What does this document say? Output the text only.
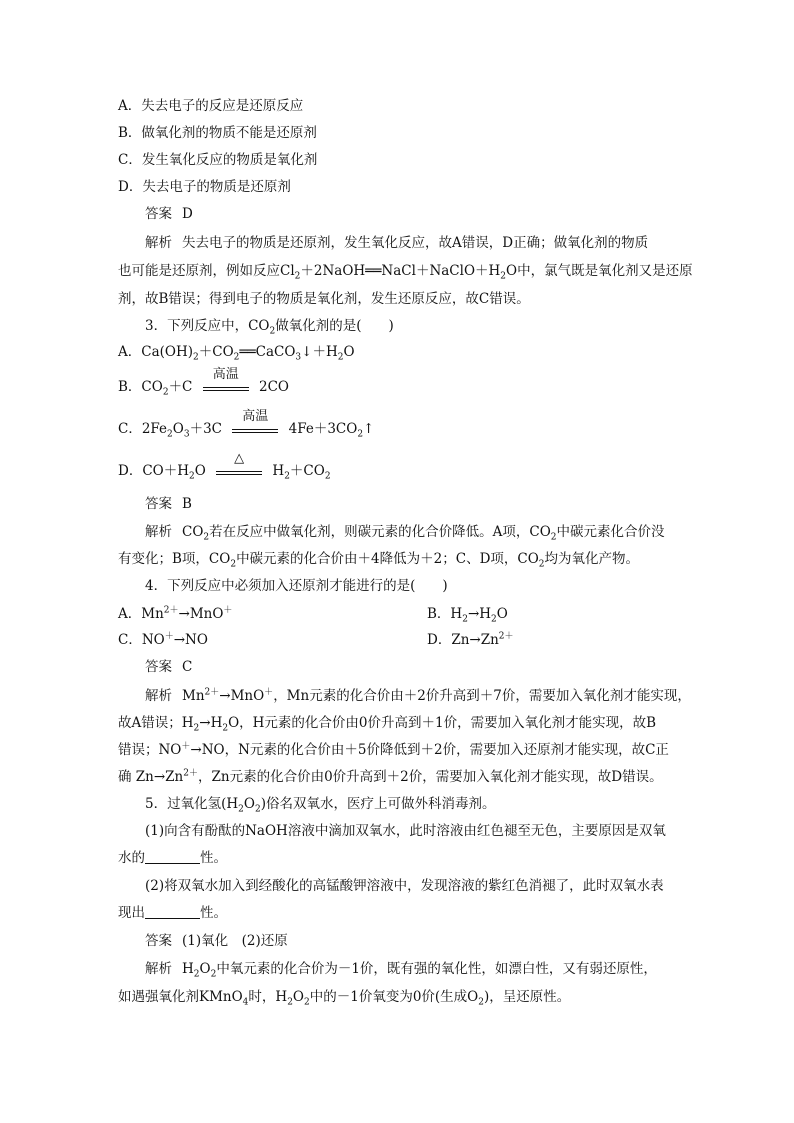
A．失去电子的反应是还原反应
B．做氧化剂的物质不能是还原剂
C．发生氧化反应的物质是氧化剂
D．失去电子的物质是还原剂
答案 D
解析 失去电子的物质是还原剂，发生氧化反应，故A错误，D正确；做氧化剂的物质
也可能是还原剂，例如反应$Cl_2+2NaOH══NaCl+NaClO+H_2O$中，氯气既是氧化剂又是还原
剂，故B错误；得到电子的物质是氧化剂，发生还原反应，故C错误。
3．下列反应中，$CO_2$做氧化剂的是(　　)
A．$Ca(OH)_2+CO_2══CaCO_3↓+H_2O$
B．$CO_2+C$
高温
2CO
C．$2Fe_2O_3+3C$
高温
$4Fe+3CO_2↑$
D．$CO+H_2O$
△
$H_2+CO_2$
答案 B
解析 $CO_2$若在反应中做氧化剂，则碳元素的化合价降低。A项，$CO_2$中碳元素化合价没
有变化；B项，$CO_2$中碳元素的化合价由＋4降低为＋2；C、D项，$CO_2$均为氧化产物。
4．下列反应中必须加入还原剂才能进行的是(　　)
A．$Mn^{2+}\to MnO^+$	B．$H_2\to H_2O$
C．NO＋→NO	D．$Zn\to Zn^{2+}$
答案 C
解析 $Mn^{2+}\to MnO^+$，Mn元素的化合价由＋2价升高到＋7价，需要加入氧化剂才能实现，
故A错误；$H_2\to H_2O$，H元素的化合价由0价升高到＋1价，需要加入氧化剂才能实现，故B
错误；NO＋→NO，N元素的化合价由＋5价降低到＋2价，需要加入还原剂才能实现，故C正
确 $Zn\to Zn^{2+}$，Zn元素的化合价由0价升高到＋2价，需要加入氧化剂才能实现，故D错误。
5．过氧化氢$(H_2O_2)$俗名双氧水，医疗上可做外科消毒剂。
(1)向含有酚酞的NaOH溶液中滴加双氧水，此时溶液由红色褪至无色，主要原因是双氧
水的	性。
(2)将双氧水加入到经酸化的高锰酸钾溶液中，发现溶液的紫红色消褪了，此时双氧水表
现出	性。
答案 (1)氧化　(2)还原
解析 $H_2O_2$中氧元素的化合价为－1价，既有强的氧化性，如漂白性，又有弱还原性，
如遇强氧化剂KMnO$_4$时，$H_2O_2$中的－1价氧变为0价(生成$O_2$)，呈还原性。
